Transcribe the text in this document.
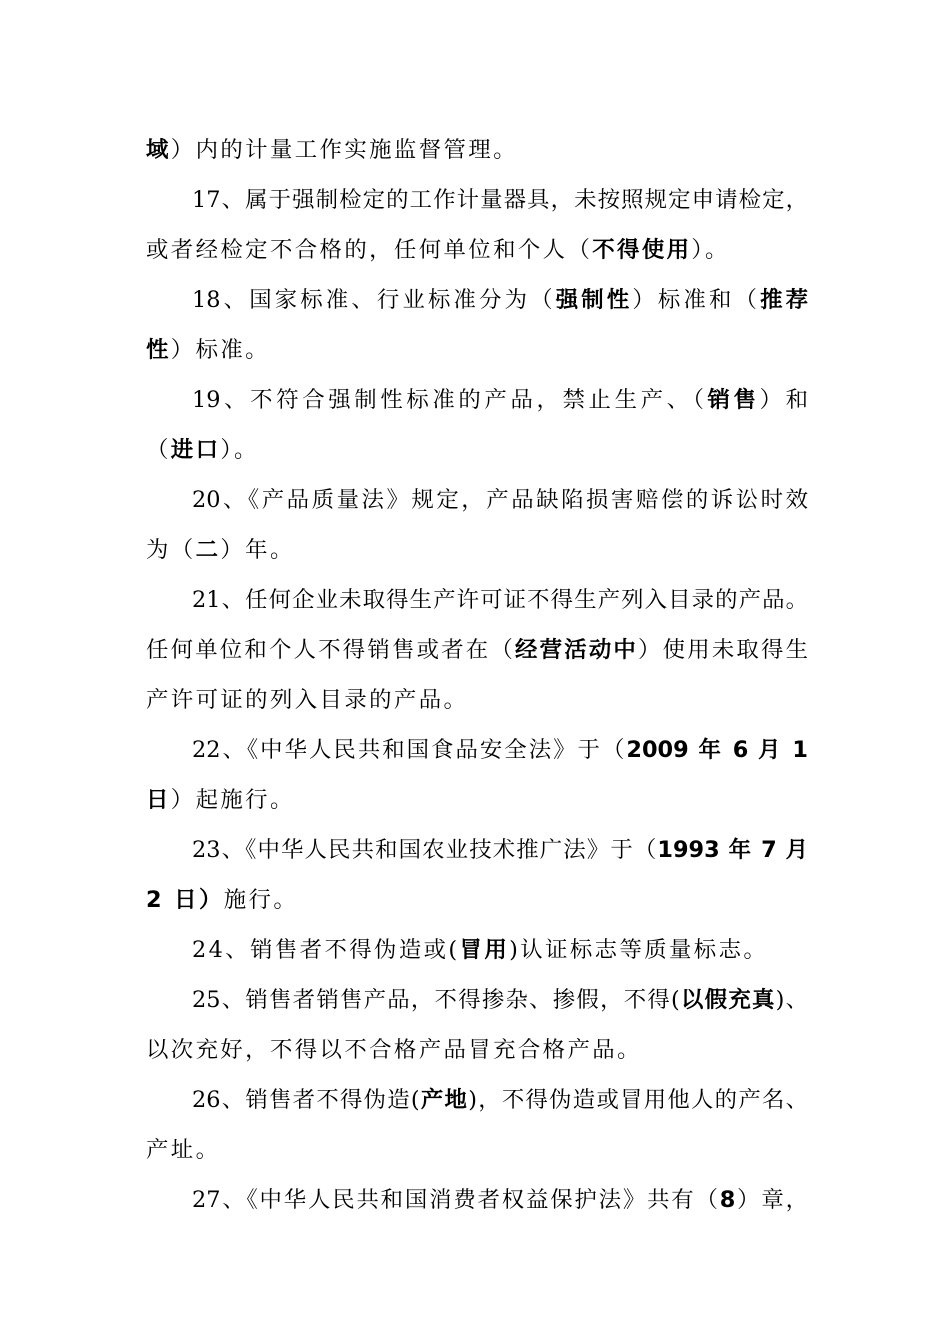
域）内的计量工作实施监督管理。
17、属于强制检定的工作计量器具，未按照规定申请检定，
或者经检定不合格的，任何单位和个人（不得使用）。
18、国家标准、行业标准分为（强制性）标准和（推荐
性）标准。
19、不符合强制性标准的产品，禁止生产、（销售）和
（进口）。
20、《产品质量法》规定，产品缺陷损害赔偿的诉讼时效
为（二）年。
21、任何企业未取得生产许可证不得生产列入目录的产品。
任何单位和个人不得销售或者在（经营活动中）使用未取得生
产许可证的列入目录的产品。
22、《中华人民共和国食品安全法》于（2009 年 6 月 1
日）起施行。
23、《中华人民共和国农业技术推广法》于（1993 年 7 月
2 日）施行。
24、销售者不得伪造或(冒用)认证标志等质量标志。
25、销售者销售产品，不得掺杂、掺假，不得(以假充真)、
以次充好，不得以不合格产品冒充合格产品。
26、销售者不得伪造(产地)，不得伪造或冒用他人的产名、
产址。
27、《中华人民共和国消费者权益保护法》共有（8）章，
